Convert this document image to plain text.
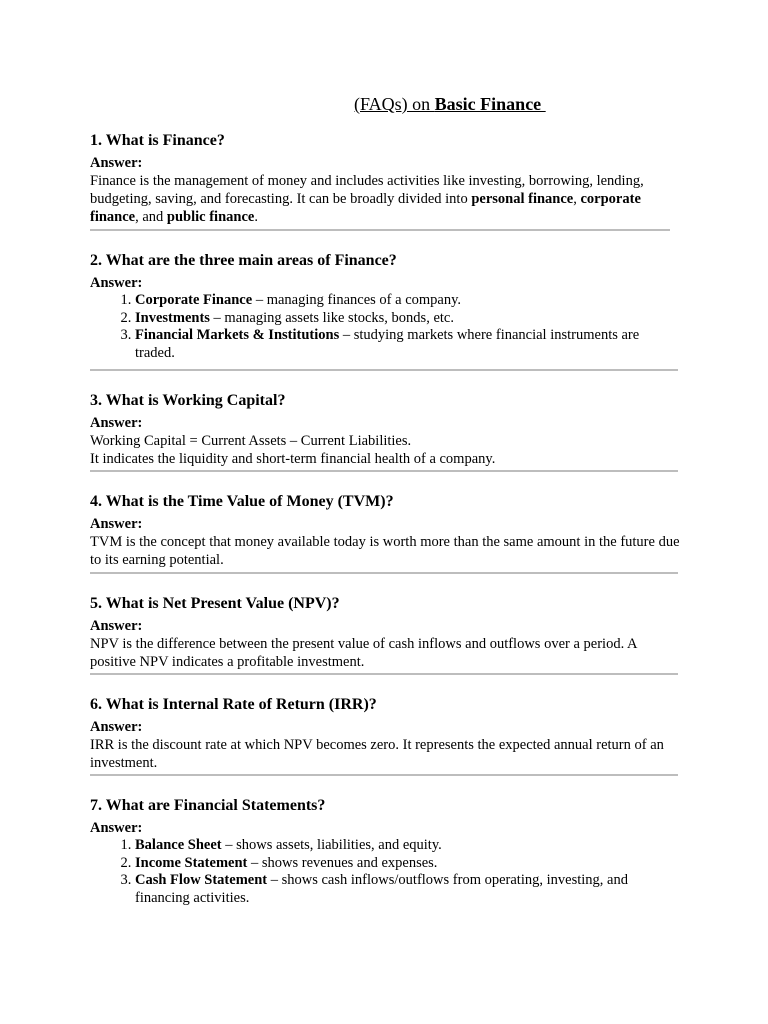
(FAQs) on Basic Finance

1. What is Finance?

Answer:
Finance is the management of money and includes activities like investing, borrowing, lending, budgeting, saving, and forecasting. It can be broadly divided into personal finance, corporate finance, and public finance.

2. What are the three main areas of Finance?

Answer:
1. Corporate Finance – managing finances of a company.
2. Investments – managing assets like stocks, bonds, etc.
3. Financial Markets & Institutions – studying markets where financial instruments are traded.

3. What is Working Capital?

Answer:
Working Capital = Current Assets – Current Liabilities.
It indicates the liquidity and short-term financial health of a company.

4. What is the Time Value of Money (TVM)?

Answer:
TVM is the concept that money available today is worth more than the same amount in the future due to its earning potential.

5. What is Net Present Value (NPV)?

Answer:
NPV is the difference between the present value of cash inflows and outflows over a period. A positive NPV indicates a profitable investment.

6. What is Internal Rate of Return (IRR)?

Answer:
IRR is the discount rate at which NPV becomes zero. It represents the expected annual return of an investment.

7. What are Financial Statements?

Answer:
1. Balance Sheet – shows assets, liabilities, and equity.
2. Income Statement – shows revenues and expenses.
3. Cash Flow Statement – shows cash inflows/outflows from operating, investing, and financing activities.
